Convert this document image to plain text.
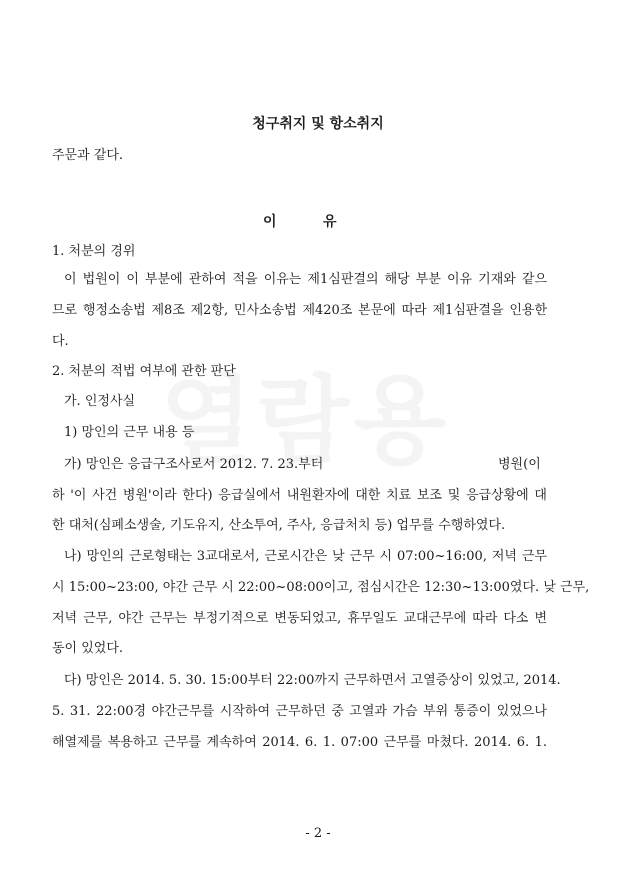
청구취지 및 항소취지
주문과 같다.
이	유
1. 처분의 경위
이 법원이 이 부분에 관하여 적을 이유는 제1심판결의 해당 부분 이유 기재와 같으
므로 행정소송법 제8조 제2항, 민사소송법 제420조 본문에 따라 제1심판결을 인용한
다.
2. 처분의 적법 여부에 관한 판단
가. 인정사실
1) 망인의 근무 내용 등
가) 망인은 응급구조사로서 2012. 7. 23.부터	병원(이
하 '이 사건 병원'이라 한다) 응급실에서 내원환자에 대한 치료 보조 및 응급상황에 대
한 대처(심폐소생술, 기도유지, 산소투여, 주사, 응급처치 등) 업무를 수행하였다.
나) 망인의 근로형태는 3교대로서, 근로시간은 낮 근무 시 07:00~16:00, 저녁 근무
시 15:00~23:00, 야간 근무 시 22:00~08:00이고, 점심시간은 12:30~13:00였다. 낮 근무,
저녁 근무, 야간 근무는 부정기적으로 변동되었고, 휴무일도 교대근무에 따라 다소 변
동이 있었다.
다) 망인은 2014. 5. 30. 15:00부터 22:00까지 근무하면서 고열증상이 있었고, 2014.
5. 31. 22:00경 야간근무를 시작하여 근무하던 중 고열과 가슴 부위 통증이 있었으나
해열제를 복용하고 근무를 계속하여 2014. 6. 1. 07:00 근무를 마쳤다. 2014. 6. 1.
- 2 -
